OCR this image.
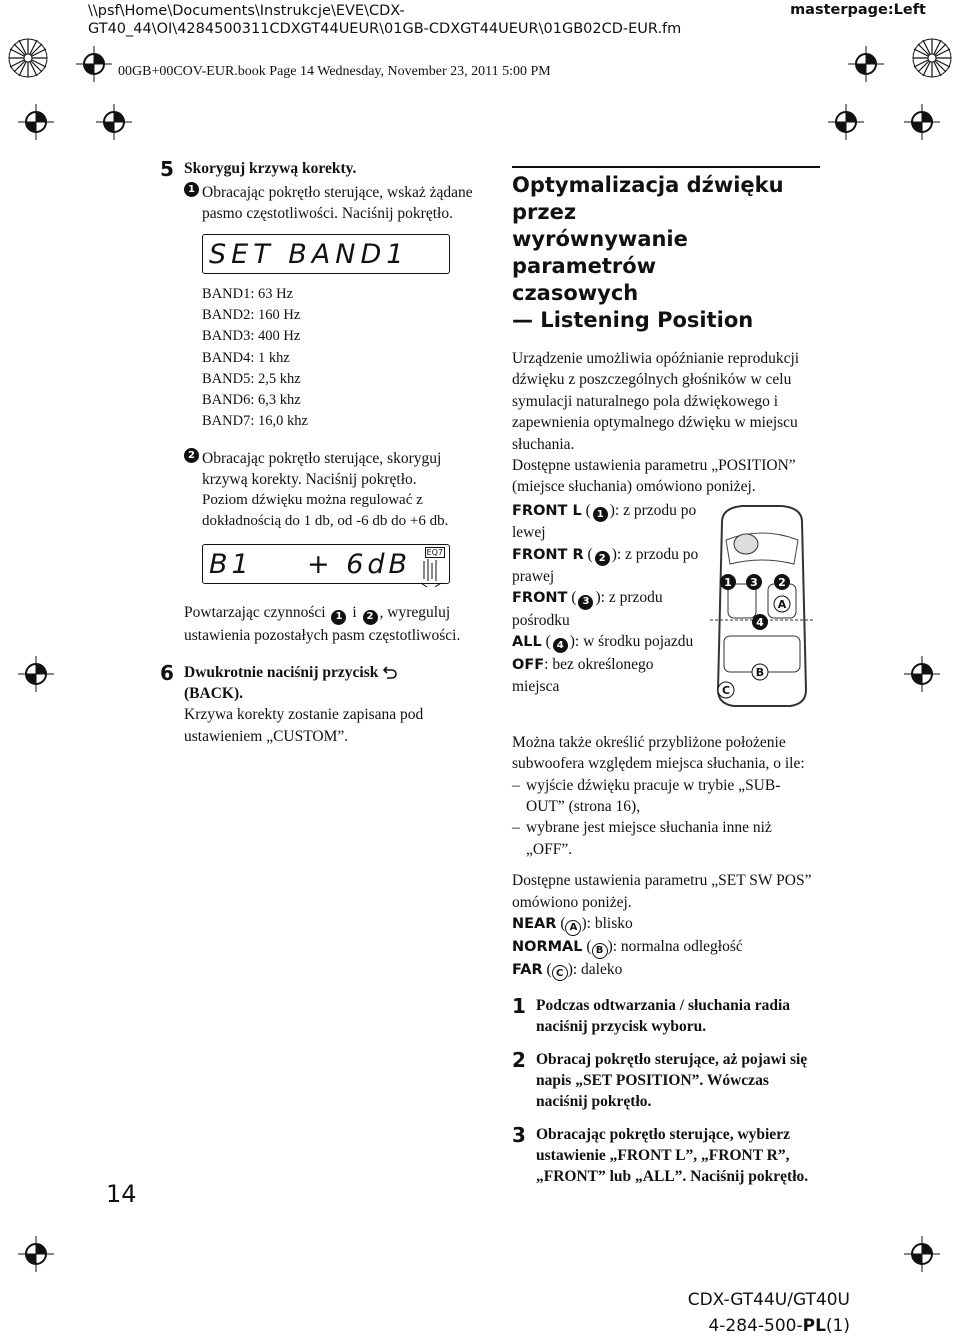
\\psf\Home\Documents\Instrukcje\EVE\CDX-
GT40_44\OI\4284500311CDXGT44UEUR\01GB-CDXGT44UEUR\01GB02CD-EUR.fm
masterpage:Left
00GB+00COV-EUR.book Page 14 Wednesday, November 23, 2011 5:00 PM
5 Skoryguj krzywą korekty.
1 Obracając pokrętło sterujące, wskaż żądane pasmo częstotliwości. Naciśnij pokrętło.
SET BAND1
BAND1: 63 Hz
BAND2: 160 Hz
BAND3: 400 Hz
BAND4: 1 khz
BAND5: 2,5 khz
BAND6: 6,3 khz
BAND7: 16,0 khz
2 Obracając pokrętło sterujące, skoryguj krzywą korekty. Naciśnij pokrętło.
Poziom dźwięku można regulować z dokładnością do 1 db, od -6 db do +6 db.
B1 + 6dB EQ7
Powtarzając czynności 1 i 2 , wyreguluj ustawienia pozostałych pasm częstotliwości.
6 Dwukrotnie naciśnij przycisk
(BACK).
Krzywa korekty zostanie zapisana pod ustawieniem „CUSTOM”.
14
Optymalizacja dźwięku przez
wyrównywanie parametrów
czasowych
— Listening Position
Urządzenie umożliwia opóźnianie reprodukcji dźwięku z poszczególnych głośników w celu symulacji naturalnego pola dźwiękowego i zapewnienia optymalnego dźwięku w miejscu słuchania.
Dostępne ustawienia parametru „POSITION” (miejsce słuchania) omówiono poniżej.
FRONT L ( 1 ): z przodu po lewej
FRONT R ( 2 ): z przodu po prawej
FRONT ( 3 ): z przodu pośrodku
ALL ( 4 ): w środku pojazdu
OFF: bez określonego miejsca
1 3 2
4
A
B
C
Można także określić przybliżone położenie subwoofera względem miejsca słuchania, o ile:
– wyjście dźwięku pracuje w trybie „SUB-OUT” (strona 16),
– wybrane jest miejsce słuchania inne niż „OFF”.
Dostępne ustawienia parametru „SET SW POS” omówiono poniżej.
NEAR ( A ): blisko
NORMAL ( B ): normalna odległość
FAR ( C ): daleko
1 Podczas odtwarzania / słuchania radia naciśnij przycisk wyboru.
2 Obracaj pokrętło sterujące, aż pojawi się napis „SET POSITION”. Wówczas naciśnij pokrętło.
3 Obracając pokrętło sterujące, wybierz ustawienie „FRONT L”, „FRONT R”, „FRONT” lub „ALL”. Naciśnij pokrętło.
CDX-GT44U/GT40U
4-284-500-PL(1)
